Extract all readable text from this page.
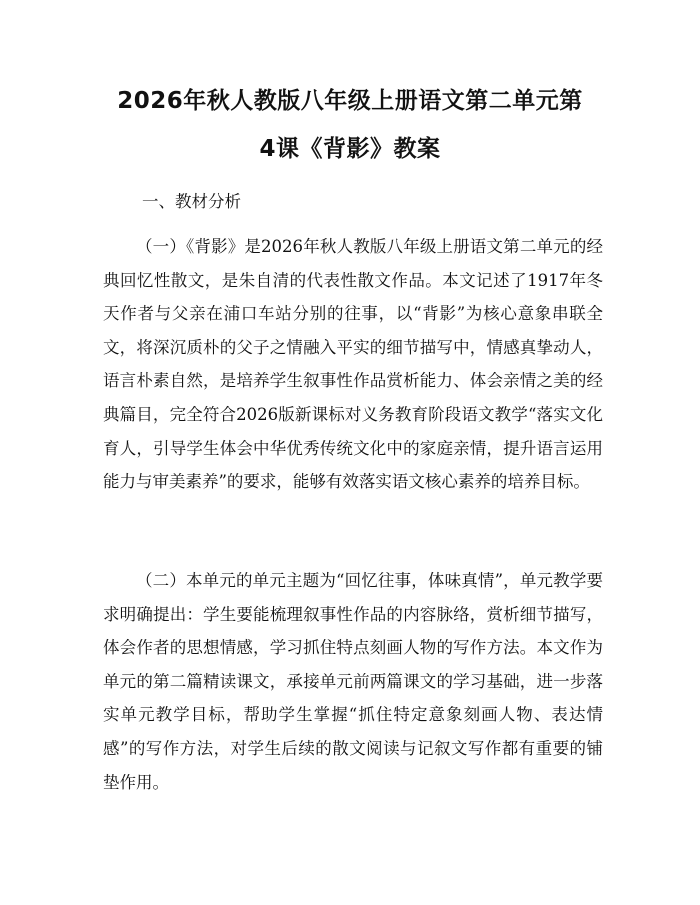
2026年秋人教版八年级上册语文第二单元第
4课《背影》教案
一、教材分析

（一）《背影》是2026年秋人教版八年级上册语文第二单元的经典回忆性散文，是朱自清的代表性散文作品。本文记述了1917年冬天作者与父亲在浦口车站分别的往事，以“背影”为核心意象串联全文，将深沉质朴的父子之情融入平实的细节描写中，情感真挚动人，语言朴素自然，是培养学生叙事性作品赏析能力、体会亲情之美的经典篇目，完全符合2026版新课标对义务教育阶段语文教学“落实文化育人，引导学生体会中华优秀传统文化中的家庭亲情，提升语言运用能力与审美素养”的要求，能够有效落实语文核心素养的培养目标。

（二）本单元的单元主题为“回忆往事，体味真情”，单元教学要求明确提出：学生要能梳理叙事性作品的内容脉络，赏析细节描写，体会作者的思想情感，学习抓住特点刻画人物的写作方法。本文作为单元的第二篇精读课文，承接单元前两篇课文的学习基础，进一步落实单元教学目标，帮助学生掌握“抓住特定意象刻画人物、表达情感”的写作方法，对学生后续的散文阅读与记叙文写作都有重要的铺垫作用。
